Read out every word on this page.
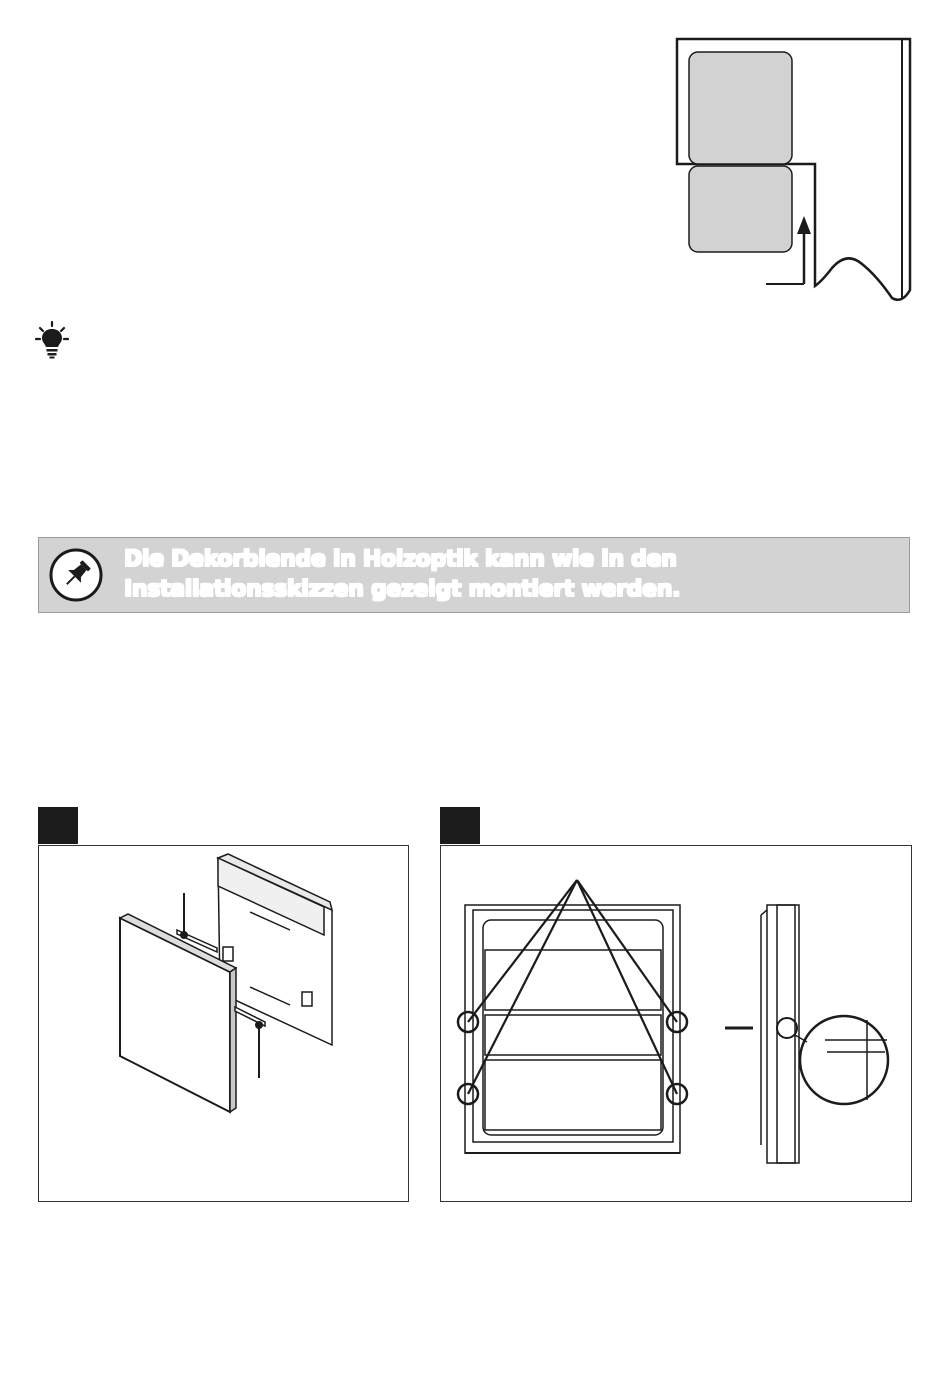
Die Dekorblende in Holzoptik kann wie in den Installationsskizzen gezeigt montiert werden.
